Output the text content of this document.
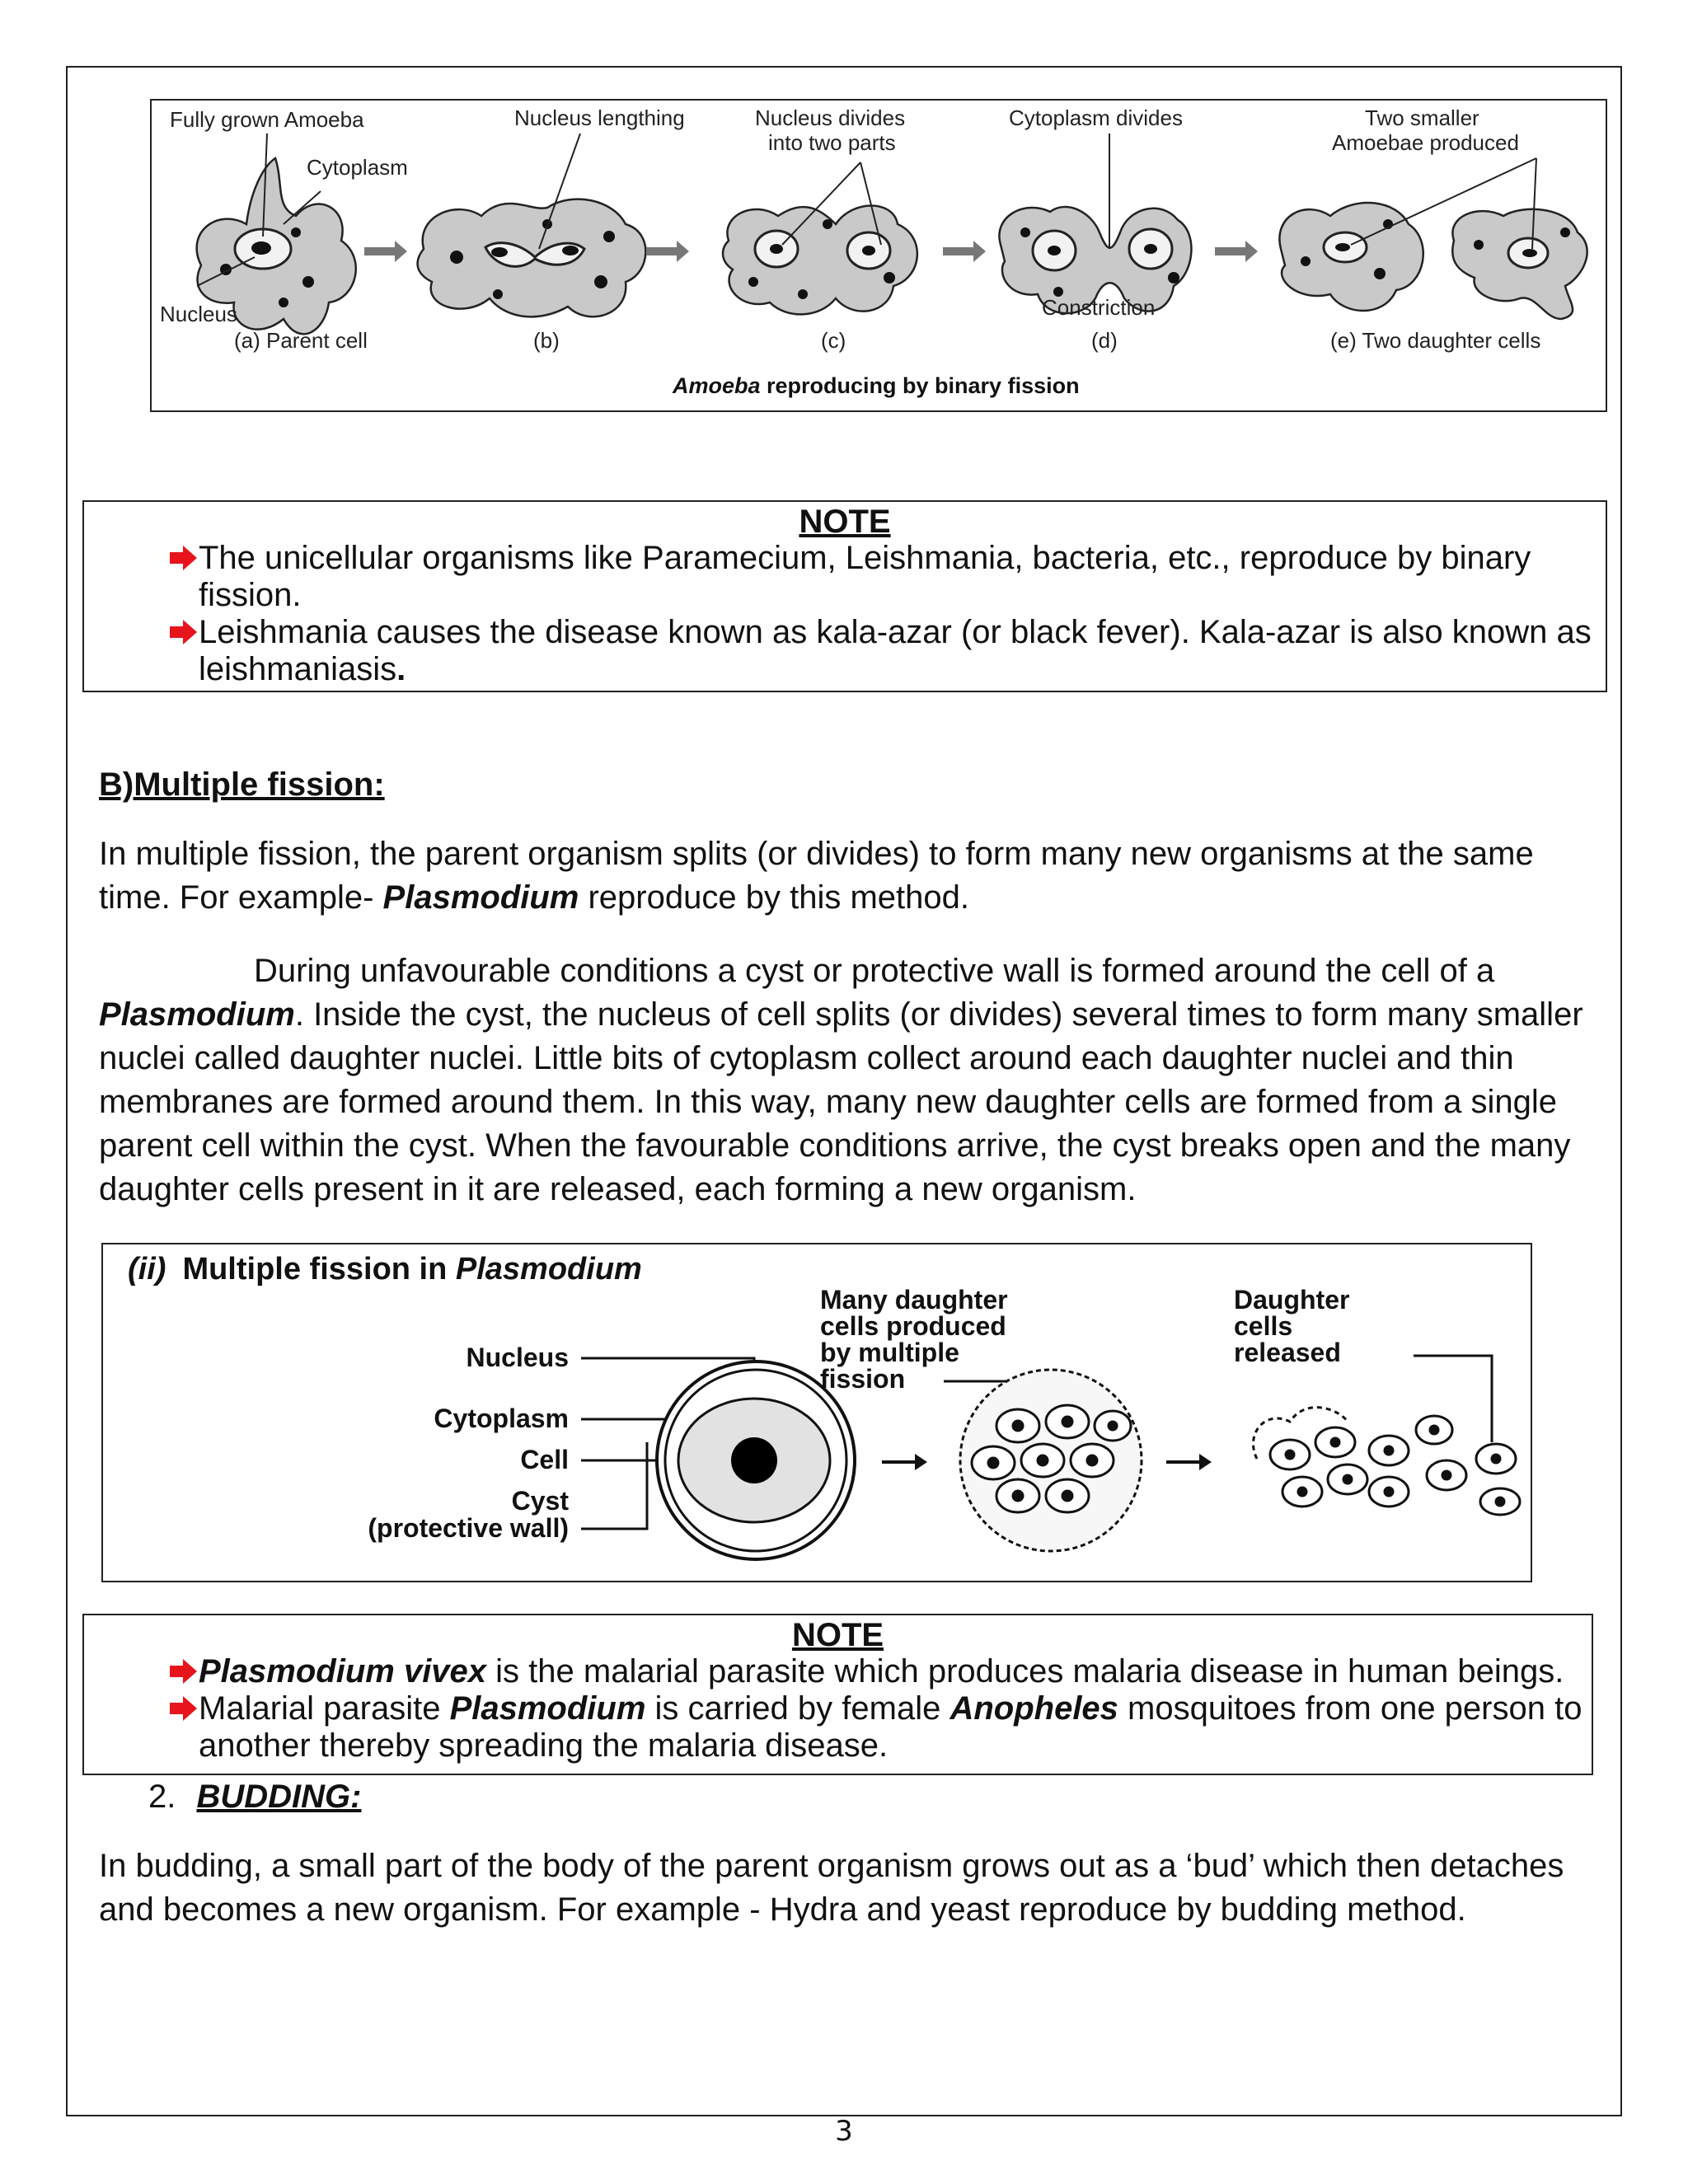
Fully grown Amoeba
Cytoplasm
Nucleus
Nucleus lengthing	Nucleus divides
into two parts
Cytoplasm divides
Constriction
Two smaller
Amoebae produced
(a) Parent cell	(b)	(c)	(d)	(e) Two daughter cells
Amoeba reproducing by binary fission
NOTE
The unicellular organisms like Paramecium, Leishmania, bacteria, etc., reproduce by binary fission.
Leishmania causes the disease known as kala-azar (or black fever). Kala-azar is also known as leishmaniasis.
B)Multiple fission:

In multiple fission, the parent organism splits (or divides) to form many new organisms at the same time. For example- Plasmodium reproduce by this method.

During unfavourable conditions a cyst or protective wall is formed around the cell of a Plasmodium. Inside the cyst, the nucleus of cell splits (or divides) several times to form many smaller nuclei called daughter nuclei. Little bits of cytoplasm collect around each daughter nuclei and thin membranes are formed around them. In this way, many new daughter cells are formed from a single parent cell within the cyst. When the favourable conditions arrive, the cyst breaks open and the many daughter cells present in it are released, each forming a new organism.

(ii) Multiple fission in Plasmodium
Nucleus
Cytoplasm
Cell
Cyst
(protective wall)
Many daughter
cells produced
by multiple
fission
Daughter
cells
released
NOTE
Plasmodium vivex is the malarial parasite which produces malaria disease in human beings.
Malarial parasite Plasmodium is carried by female Anopheles mosquitoes from one person to another thereby spreading the malaria disease.
2. BUDDING:

In budding, a small part of the body of the parent organism grows out as a ‘bud’ which then detaches and becomes a new organism. For example - Hydra and yeast reproduce by budding method.

3
